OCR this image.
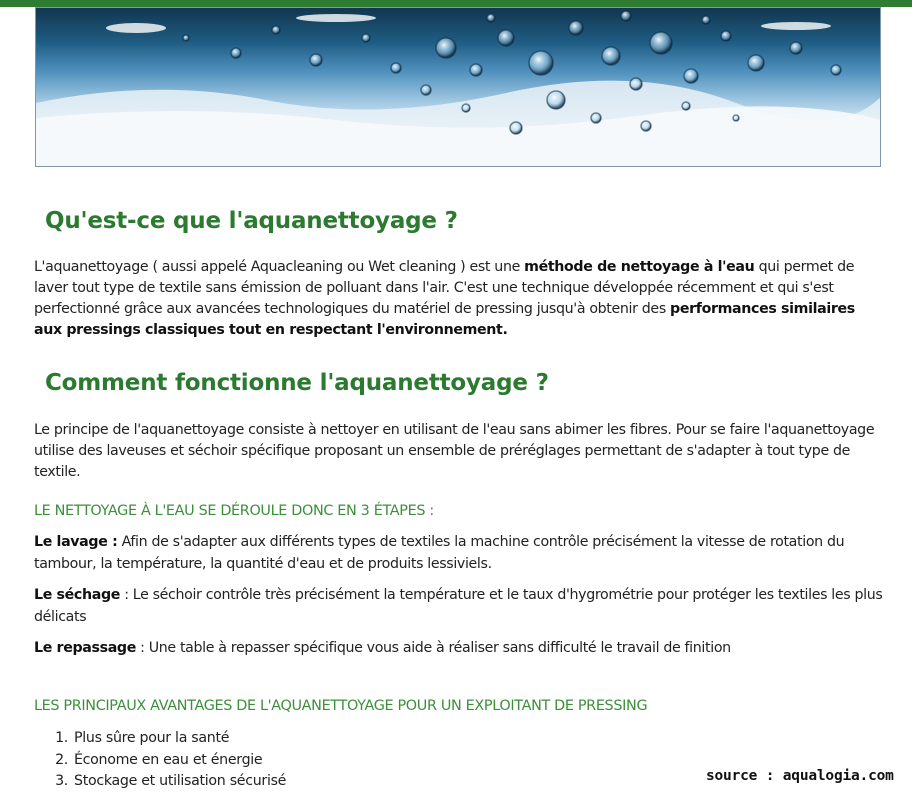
Qu'est-ce que l'aquanettoyage ?

L'aquanettoyage ( aussi appelé Aquacleaning ou Wet cleaning ) est une méthode de nettoyage à l'eau qui permet de laver tout type de textile sans émission de polluant dans l'air. C'est une technique développée récemment et qui s'est perfectionné grâce aux avancées technologiques du matériel de pressing jusqu'à obtenir des performances similaires aux pressings classiques tout en respectant l'environnement.

Comment fonctionne l'aquanettoyage ?

Le principe de l'aquanettoyage consiste à nettoyer en utilisant de l'eau sans abimer les fibres. Pour se faire l'aquanettoyage utilise des laveuses et séchoir spécifique proposant un ensemble de préréglages permettant de s'adapter à tout type de textile.

LE NETTOYAGE À L'EAU SE DÉROULE DONC EN 3 ÉTAPES :

Le lavage : Afin de s'adapter aux différents types de textiles la machine contrôle précisément la vitesse de rotation du tambour, la température, la quantité d'eau et de produits lessiviels.

Le séchage : Le séchoir contrôle très précisément la température et le taux d'hygrométrie pour protéger les textiles les plus délicats

Le repassage : Une table à repasser spécifique vous aide à réaliser sans difficulté le travail de finition

LES PRINCIPAUX AVANTAGES DE L'AQUANETTOYAGE POUR UN EXPLOITANT DE PRESSING

1. Plus sûre pour la santé
2. Économe en eau et énergie
3. Stockage et utilisation sécurisé	source : aqualogia.com
